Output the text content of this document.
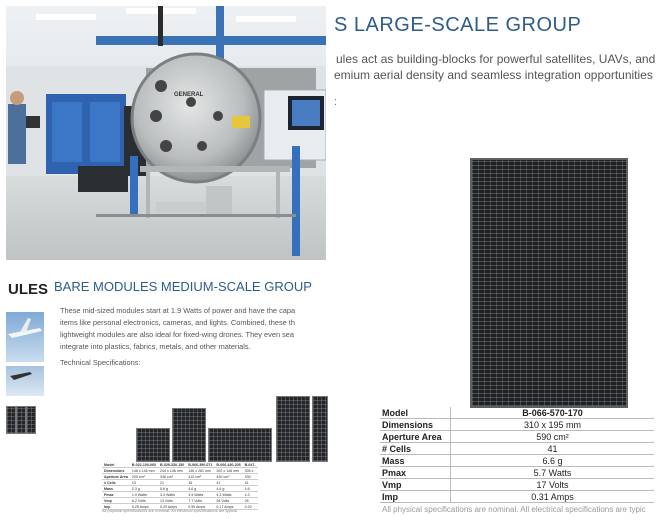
GENERAL
S LARGE-SCALE GROUP
ules act as building-blocks for powerful satellites, UAVs, and
emium aerial density and seamless integration opportunities
:
ULES BARE MODULES MEDIUM-SCALE GROUP
These mid-sized modules start at 1.9 Watts of power and have the capa
items like personal electronics, cameras, and lights. Combined, these th
lightweight modules are also ideal for fixed-wing drones. They even sea
integrate into plastics, fabrics, metals, and other materials.
Technical Specifications:
Model	B-022-100-060	B-029-330-150	B-066-390-071	B-066-430-205	B-047-
Dimensions	146 x 146 mm	244 x 146 mm	146 x 281 mm	302 x 146 mm	305 x
Aperture Area	200 cm²	346 cm²	410 cm²	430 cm²	430
# Cells	10	21	16	41	41
Mass	2.3 g	5.6 g	4.6 g	4.6 g	4.6
Pmax	1.9 Watts	3.3 Watts	3.9 Watts	4.3 Watts	4.3
Vmp	6.2 Volts	13 Volts	7.7 Volts	26 Volts	26
Imp	0.25 Amps	0.20 Amps	0.55 Amps	0.17 Amps	0.20
All physical specifications are nominal. All electrical specifications are typical.
Model	B-066-570-170
Dimensions	310 x 195 mm
Aperture Area	590 cm²
# Cells	41
Mass	6.6 g
Pmax	5.7 Watts
Vmp	17 Volts
Imp	0.31 Amps
All physical specifications are nominal. All electrical specifications are typic
